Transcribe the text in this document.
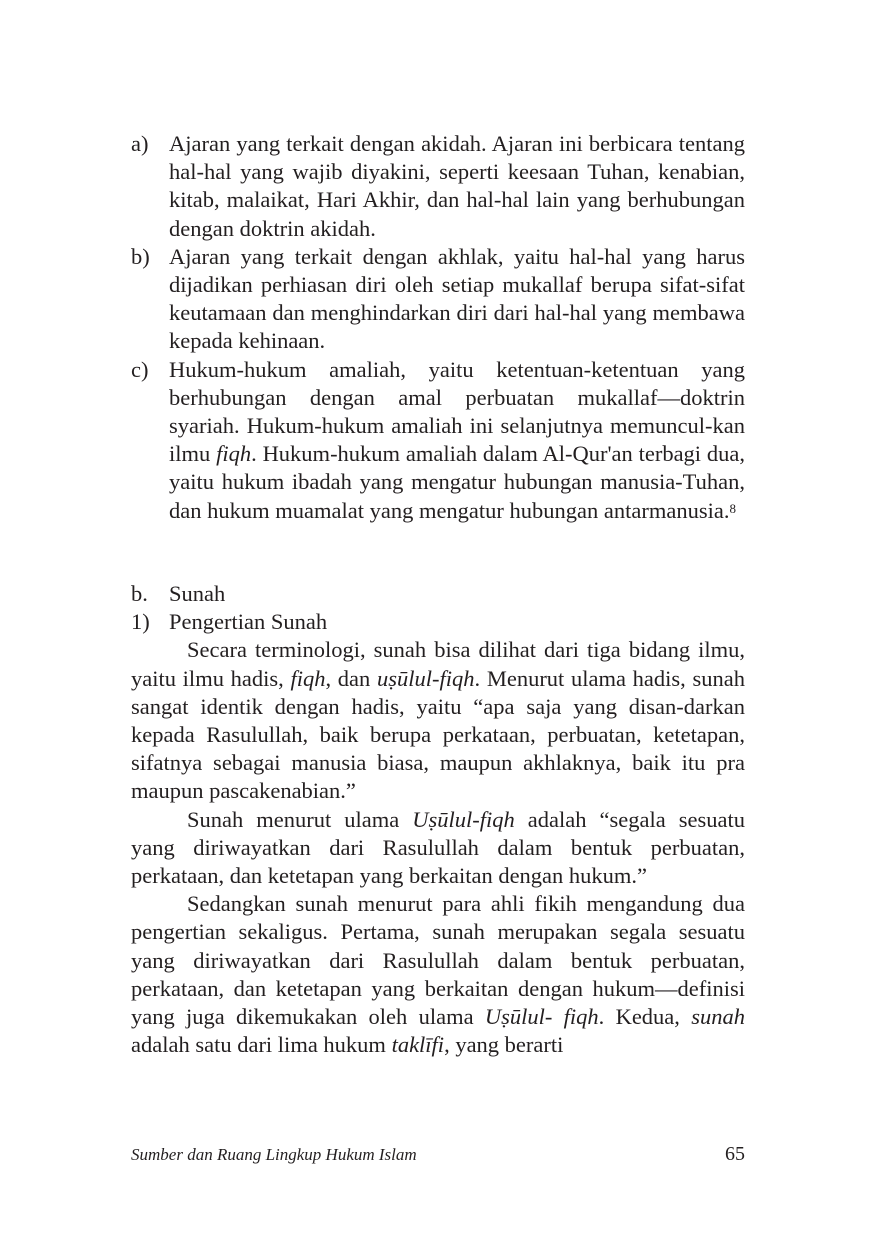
a) Ajaran yang terkait dengan akidah. Ajaran ini berbicara tentang hal-hal yang wajib diyakini, seperti keesaan Tuhan, kenabian, kitab, malaikat, Hari Akhir, dan hal-hal lain yang berhubungan dengan doktrin akidah.

b) Ajaran yang terkait dengan akhlak, yaitu hal-hal yang harus dijadikan perhiasan diri oleh setiap mukallaf berupa sifat-sifat keutamaan dan menghindarkan diri dari hal-hal yang membawa kepada kehinaan.

c) Hukum-hukum amaliah, yaitu ketentuan-ketentuan yang berhubungan dengan amal perbuatan mukallaf—doktrin syariah. Hukum-hukum amaliah ini selanjutnya memuncul-kan ilmu fiqh. Hukum-hukum amaliah dalam Al-Qur'an terbagi dua, yaitu hukum ibadah yang mengatur hubungan manusia-Tuhan, dan hukum muamalat yang mengatur hubungan antarmanusia.$^8$

b. Sunah
1) Pengertian Sunah

Secara terminologi, sunah bisa dilihat dari tiga bidang ilmu, yaitu ilmu hadis, fiqh, dan uṣūlul-fiqh. Menurut ulama hadis, sunah sangat identik dengan hadis, yaitu “apa saja yang disan-darkan kepada Rasulullah, baik berupa perkataan, perbuatan, ketetapan, sifatnya sebagai manusia biasa, maupun akhlaknya, baik itu pra maupun pascakenabian.”

Sunah menurut ulama Uṣūlul-fiqh adalah “segala sesuatu yang diriwayatkan dari Rasulullah dalam bentuk perbuatan, perkataan, dan ketetapan yang berkaitan dengan hukum.”

Sedangkan sunah menurut para ahli fikih mengandung dua pengertian sekaligus. Pertama, sunah merupakan segala sesuatu yang diriwayatkan dari Rasulullah dalam bentuk perbuatan, perkataan, dan ketetapan yang berkaitan dengan hukum—definisi yang juga dikemukakan oleh ulama Uṣūlul- fiqh. Kedua, sunah adalah satu dari lima hukum taklīfi, yang berarti

Sumber dan Ruang Lingkup Hukum Islam	65
